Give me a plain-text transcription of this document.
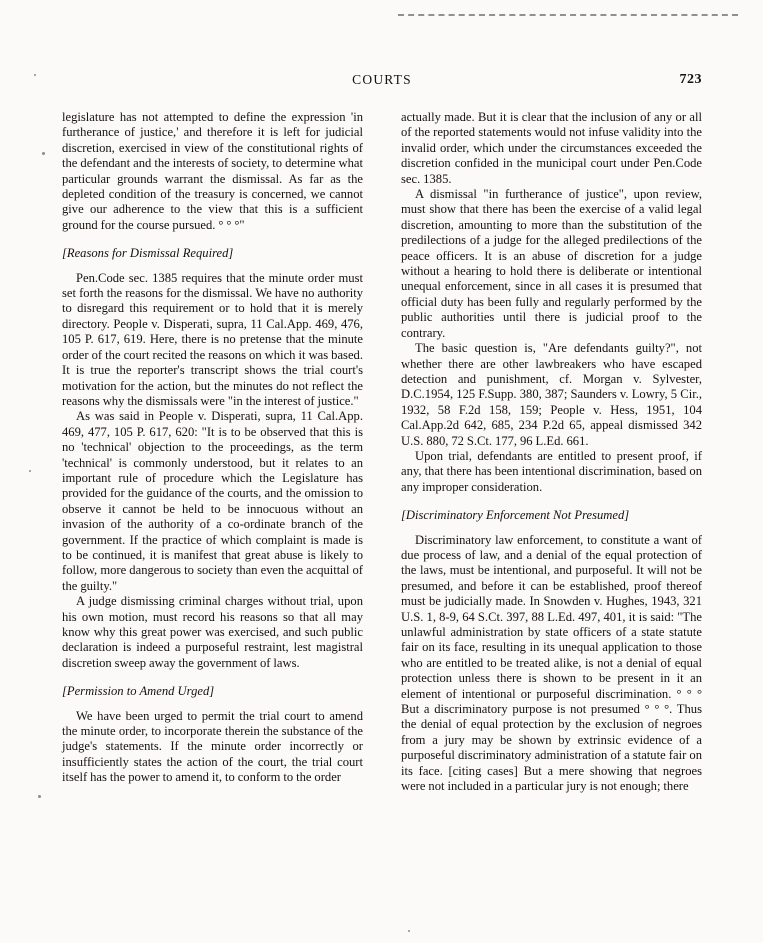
COURTS	723

legislature has not attempted to define the expression 'in furtherance of justice,' and therefore it is left for judicial discretion, exercised in view of the constitutional rights of the defendant and the interests of society, to determine what particular grounds warrant the dismissal. As far as the depleted condition of the treasury is concerned, we cannot give our adherence to the view that this is a sufficient ground for the course pursued. ° ° °"

[Reasons for Dismissal Required]

Pen.Code sec. 1385 requires that the minute order must set forth the reasons for the dismissal. We have no authority to disregard this requirement or to hold that it is merely directory. People v. Disperati, supra, 11 Cal.App. 469, 476, 105 P. 617, 619. Here, there is no pretense that the minute order of the court recited the reasons on which it was based. It is true the reporter's transcript shows the trial court's motivation for the action, but the minutes do not reflect the reasons why the dismissals were "in the interest of justice."

As was said in People v. Disperati, supra, 11 Cal.App. 469, 477, 105 P. 617, 620: "It is to be observed that this is no 'technical' objection to the proceedings, as the term 'technical' is commonly understood, but it relates to an important rule of procedure which the Legislature has provided for the guidance of the courts, and the omission to observe it cannot be held to be innocuous without an invasion of the authority of a co-ordinate branch of the government. If the practice of which complaint is made is to be continued, it is manifest that great abuse is likely to follow, more dangerous to society than even the acquittal of the guilty."

A judge dismissing criminal charges without trial, upon his own motion, must record his reasons so that all may know why this great power was exercised, and such public declaration is indeed a purposeful restraint, lest magistral discretion sweep away the government of laws.

[Permission to Amend Urged]

We have been urged to permit the trial court to amend the minute order, to incorporate therein the substance of the judge's statements. If the minute order incorrectly or insufficiently states the action of the court, the trial court itself has the power to amend it, to conform to the order

actually made. But it is clear that the inclusion of any or all of the reported statements would not infuse validity into the invalid order, which under the circumstances exceeded the discretion confided in the municipal court under Pen.Code sec. 1385.

A dismissal "in furtherance of justice", upon review, must show that there has been the exercise of a valid legal discretion, amounting to more than the substitution of the predilections of a judge for the alleged predilections of the peace officers. It is an abuse of discretion for a judge without a hearing to hold there is deliberate or intentional unequal enforcement, since in all cases it is presumed that official duty has been fully and regularly performed by the public authorities until there is judicial proof to the contrary.

The basic question is, "Are defendants guilty?", not whether there are other lawbreakers who have escaped detection and punishment, cf. Morgan v. Sylvester, D.C.1954, 125 F.Supp. 380, 387; Saunders v. Lowry, 5 Cir., 1932, 58 F.2d 158, 159; People v. Hess, 1951, 104 Cal.App.2d 642, 685, 234 P.2d 65, appeal dismissed 342 U.S. 880, 72 S.Ct. 177, 96 L.Ed. 661.

Upon trial, defendants are entitled to present proof, if any, that there has been intentional discrimination, based on any improper consideration.

[Discriminatory Enforcement Not Presumed]

Discriminatory law enforcement, to constitute a want of due process of law, and a denial of the equal protection of the laws, must be intentional, and purposeful. It will not be presumed, and before it can be established, proof thereof must be judicially made. In Snowden v. Hughes, 1943, 321 U.S. 1, 8-9, 64 S.Ct. 397, 88 L.Ed. 497, 401, it is said: "The unlawful administration by state officers of a state statute fair on its face, resulting in its unequal application to those who are entitled to be treated alike, is not a denial of equal protection unless there is shown to be present in it an element of intentional or purposeful discrimination. ° ° ° But a discriminatory purpose is not presumed ° ° °. Thus the denial of equal protection by the exclusion of negroes from a jury may be shown by extrinsic evidence of a purposeful discriminatory administration of a statute fair on its face. [citing cases] But a mere showing that negroes were not included in a particular jury is not enough; there
